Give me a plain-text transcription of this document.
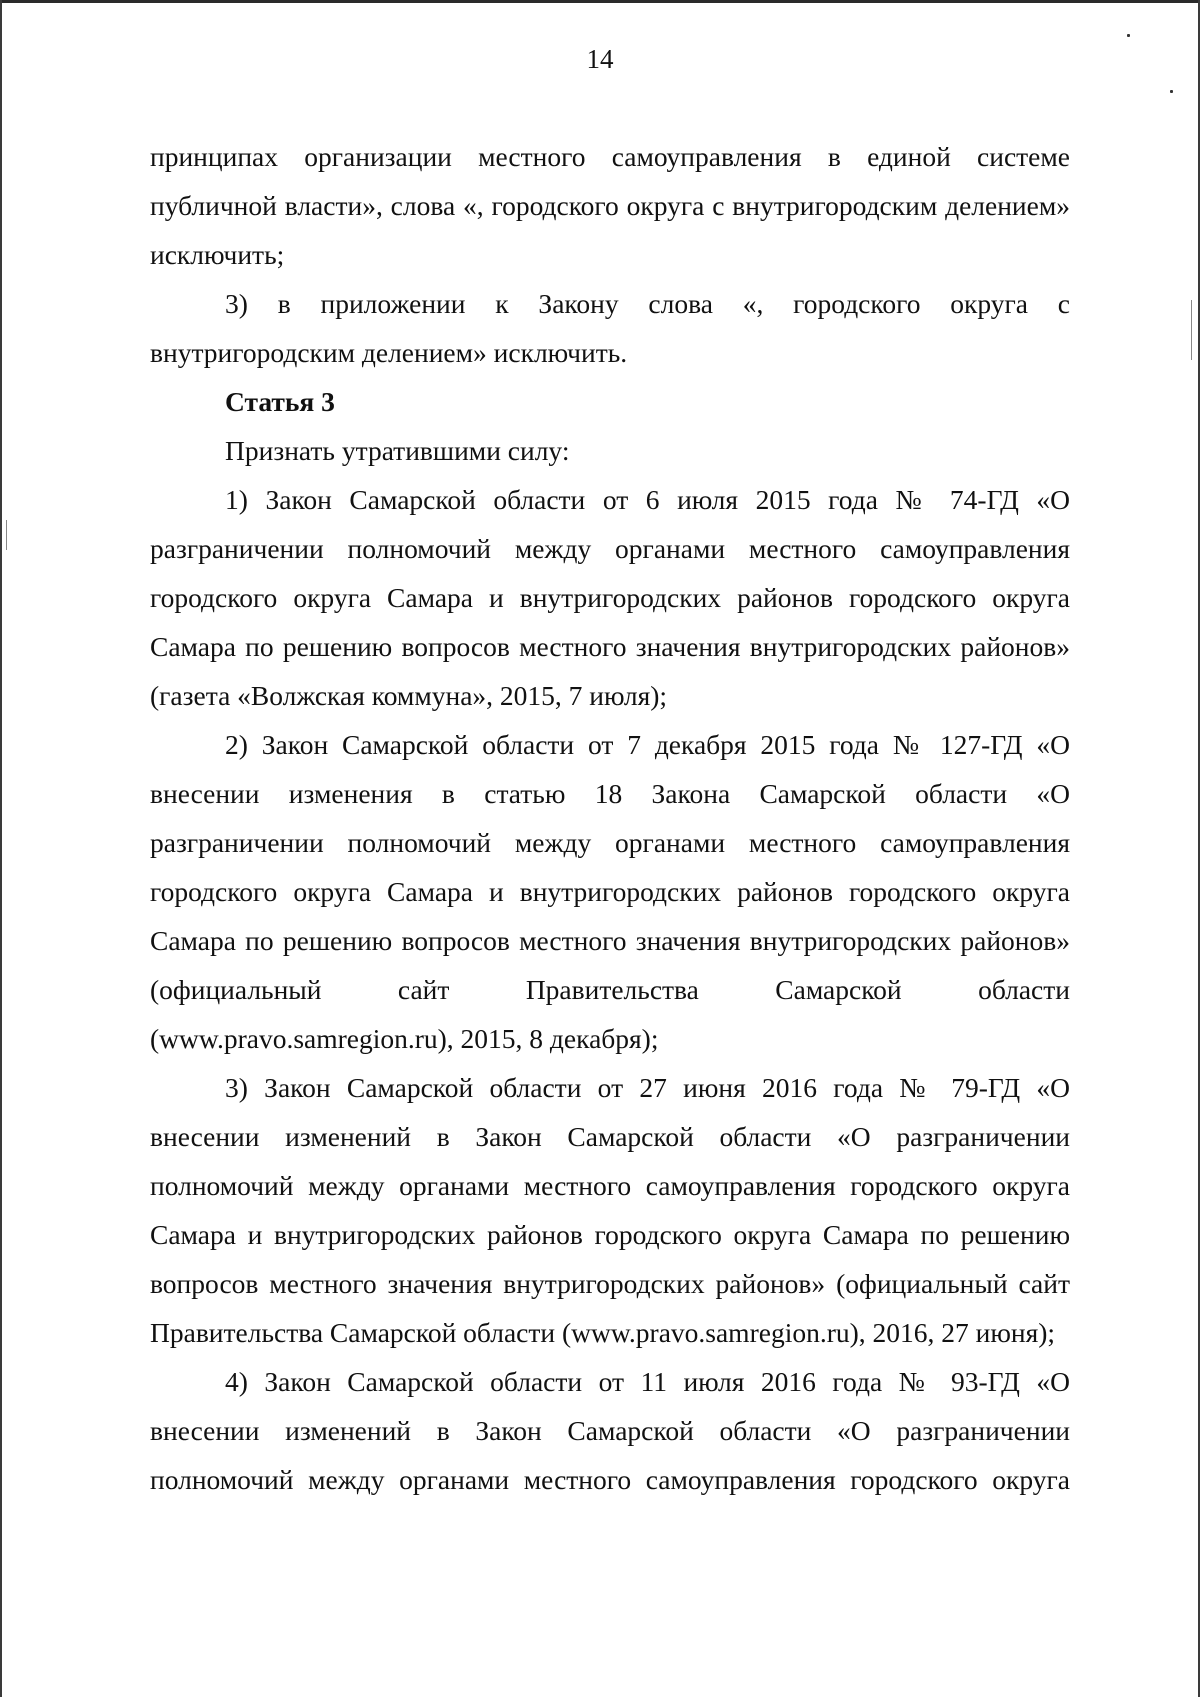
14

принципах организации местного самоуправления в единой системе публичной власти», слова «, городского округа с внутригородским делением» исключить;

3) в приложении к Закону слова «, городского округа с внутригородским делением» исключить.

Статья 3

Признать утратившими силу:

1) Закон Самарской области от 6 июля 2015 года № 74-ГД «О разграничении полномочий между органами местного самоуправления городского округа Самара и внутригородских районов городского округа Самара по решению вопросов местного значения внутригородских районов» (газета «Волжская коммуна», 2015, 7 июля);

2) Закон Самарской области от 7 декабря 2015 года № 127-ГД «О внесении изменения в статью 18 Закона Самарской области «О разграничении полномочий между органами местного самоуправления городского округа Самара и внутригородских районов городского округа Самара по решению вопросов местного значения внутригородских районов» (официальный сайт Правительства Самарской области (www.pravo.samregion.ru), 2015, 8 декабря);

3) Закон Самарской области от 27 июня 2016 года № 79-ГД «О внесении изменений в Закон Самарской области «О разграничении полномочий между органами местного самоуправления городского округа Самара и внутригородских районов городского округа Самара по решению вопросов местного значения внутригородских районов» (официальный сайт Правительства Самарской области (www.pravo.samregion.ru), 2016, 27 июня);

4) Закон Самарской области от 11 июля 2016 года № 93-ГД «О внесении изменений в Закон Самарской области «О разграничении полномочий между органами местного самоуправления городского округа
